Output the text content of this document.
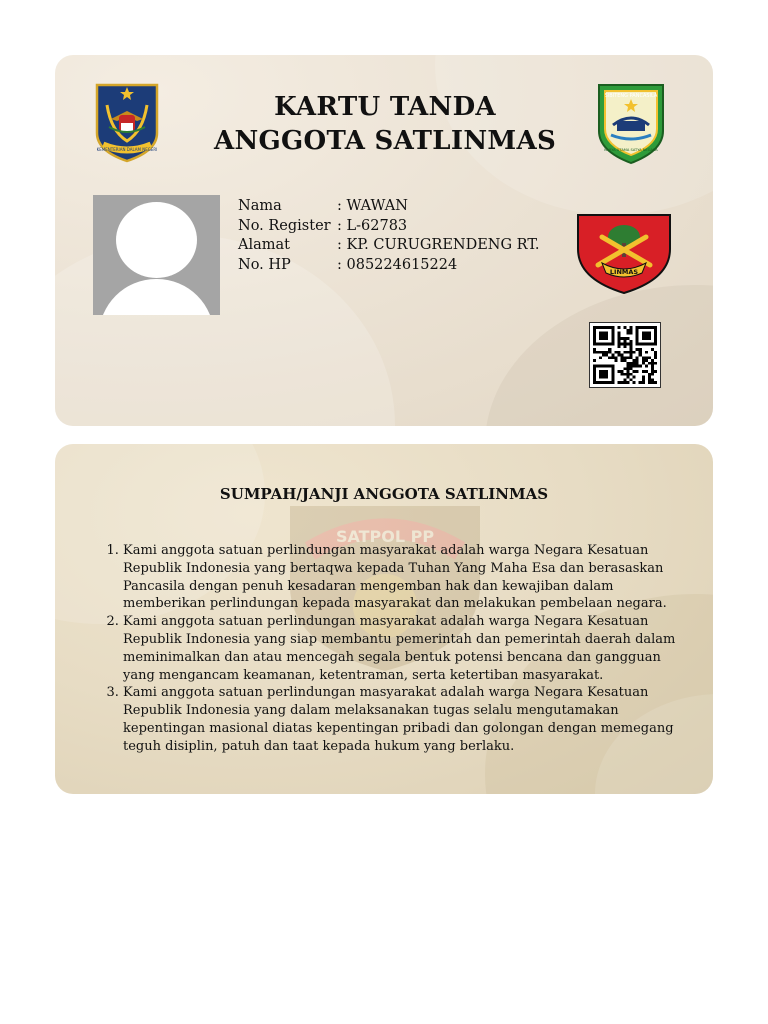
KEMENTERIAN DALAM NEGERI
KARTU TANDA ANGGOTA SATLINMAS
SIBITENG PANCASILA
KARYA UTAMA SATYA NEGARA
Nama	: WAWAN
No. Register : L-62783
Alamat	: KP. CURUGRENDENG RT.
No. HP	: 085224615224	LINMAS
SATPOL PP
SUMPAH/JANJI ANGGOTA SATLINMAS
1. Kami anggota satuan perlindungan masyarakat adalah warga Negara Kesatuan Republik Indonesia yang bertaqwa kepada Tuhan Yang Maha Esa dan berasaskan Pancasila dengan penuh kesadaran mengemban hak dan kewajiban dalam memberikan perlindungan kepada masyarakat dan melakukan pembelaan negara.
2. Kami anggota satuan perlindungan masyarakat adalah warga Negara Kesatuan Republik Indonesia yang siap membantu pemerintah dan pemerintah daerah dalam meminimalkan dan atau mencegah segala bentuk potensi bencana dan gangguan yang mengancam keamanan, ketentraman, serta ketertiban masyarakat.
3. Kami anggota satuan perlindungan masyarakat adalah warga Negara Kesatuan Republik Indonesia yang dalam melaksanakan tugas selalu mengutamakan kepentingan masional diatas kepentingan pribadi dan golongan dengan memegang teguh disiplin, patuh dan taat kepada hukum yang berlaku.
